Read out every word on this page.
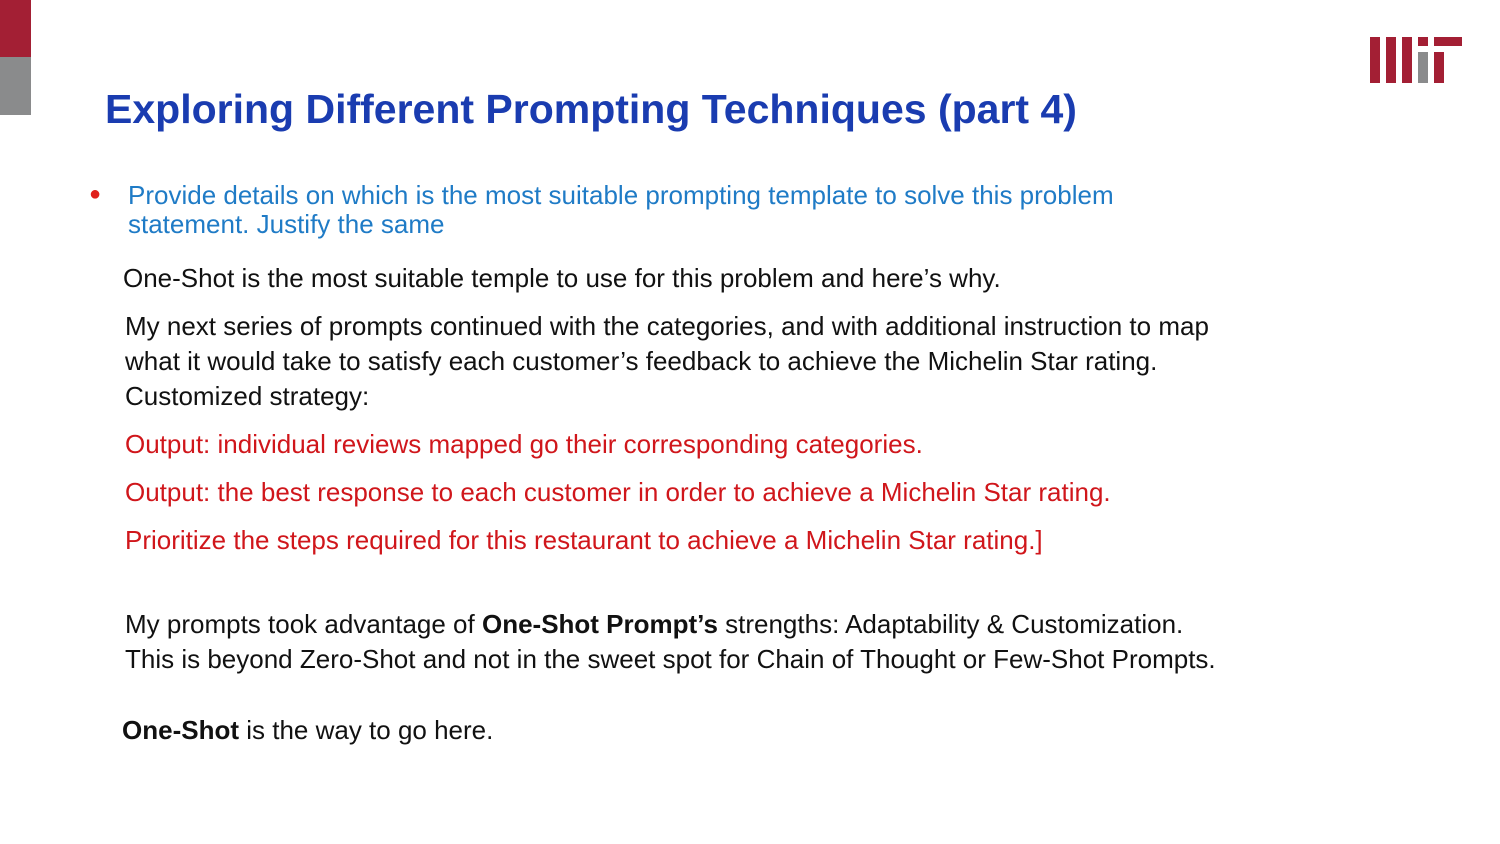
Exploring Different Prompting Techniques (part 4)
● Provide details on which is the most suitable prompting template to solve this problem statement. Justify the same

One-Shot is the most suitable temple to use for this problem and here’s why.

My next series of prompts continued with the categories, and with additional instruction to map

what it would take to satisfy each customer’s feedback to achieve the Michelin Star rating.

Customized strategy:

Output: individual reviews mapped go their corresponding categories.

Output: the best response to each customer in order to achieve a Michelin Star rating.

Prioritize the steps required for this restaurant to achieve a Michelin Star rating.]

My prompts took advantage of One-Shot Prompt’s strengths: Adaptability & Customization.

This is beyond Zero-Shot and not in the sweet spot for Chain of Thought or Few-Shot Prompts.

One-Shot is the way to go here.
